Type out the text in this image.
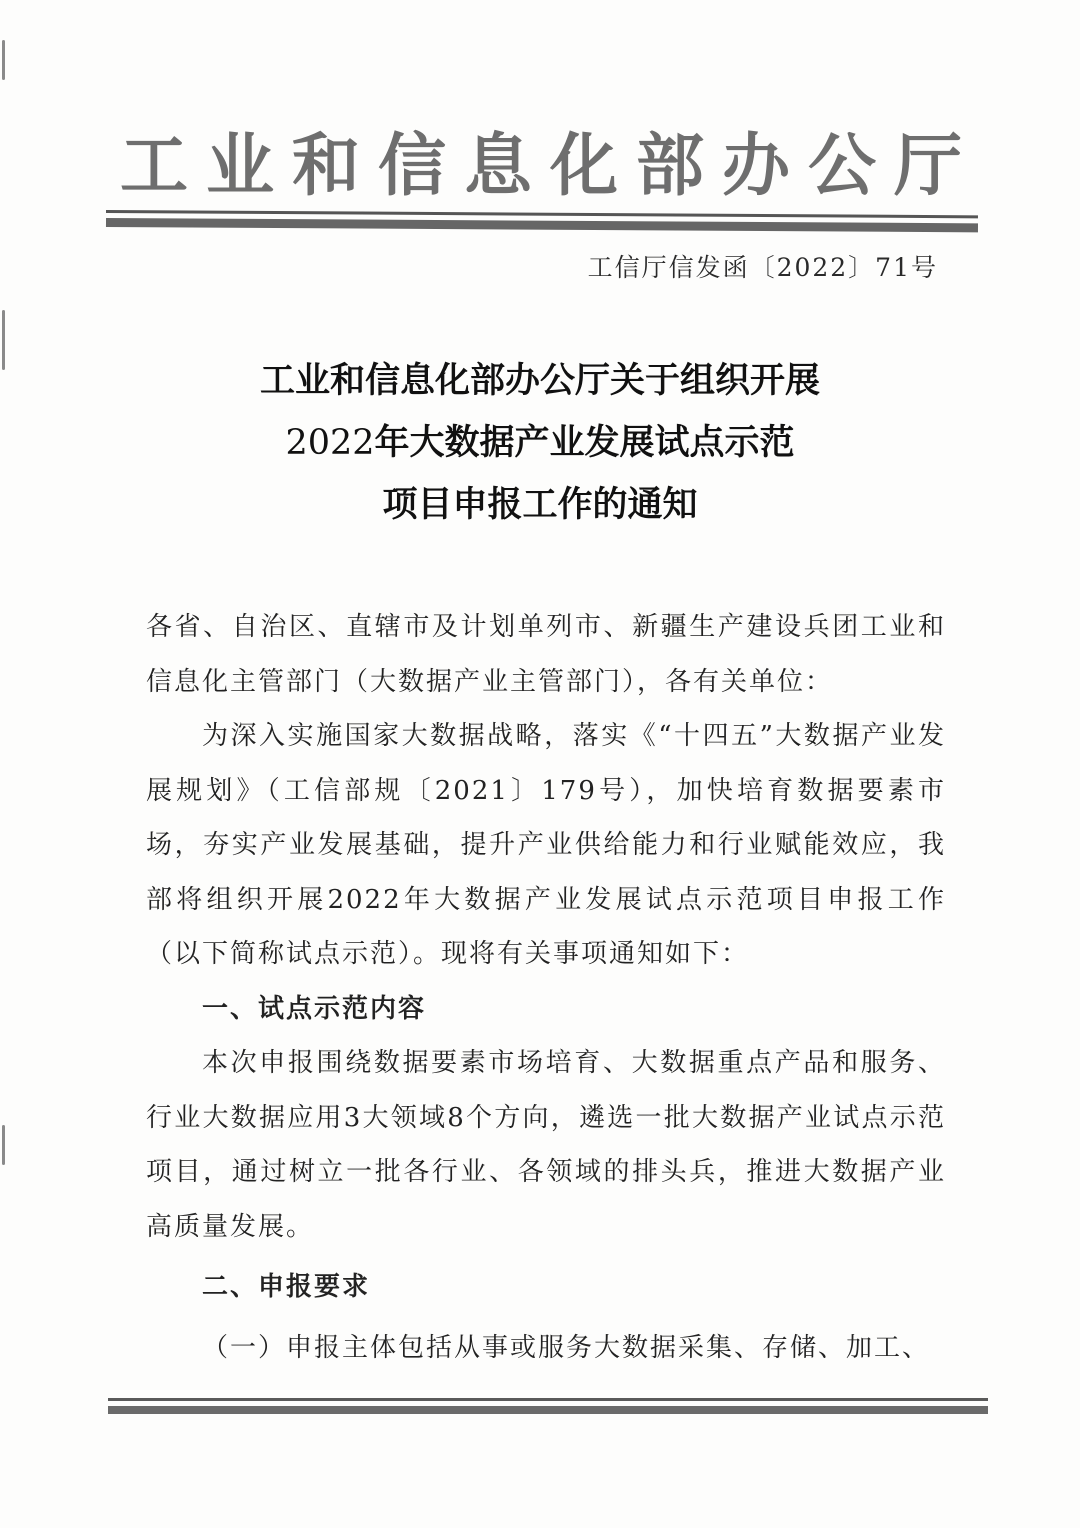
工业和信息化部办公厅
工信厅信发函〔2022〕71号
工业和信息化部办公厅关于组织开展
2022年大数据产业发展试点示范
项目申报工作的通知

各省、自治区、直辖市及计划单列市、新疆生产建设兵团工业和信息化主管部门（大数据产业主管部门），各有关单位：

为深入实施国家大数据战略，落实《“十四五”大数据产业发展规划》（工信部规〔2021〕179号），加快培育数据要素市场，夯实产业发展基础，提升产业供给能力和行业赋能效应，我部将组织开展2022年大数据产业发展试点示范项目申报工作（以下简称试点示范）。现将有关事项通知如下：

一、试点示范内容

本次申报围绕数据要素市场培育、大数据重点产品和服务、行业大数据应用3大领域8个方向，遴选一批大数据产业试点示范项目，通过树立一批各行业、各领域的排头兵，推进大数据产业高质量发展。

二、申报要求

（一）申报主体包括从事或服务大数据采集、存储、加工、
